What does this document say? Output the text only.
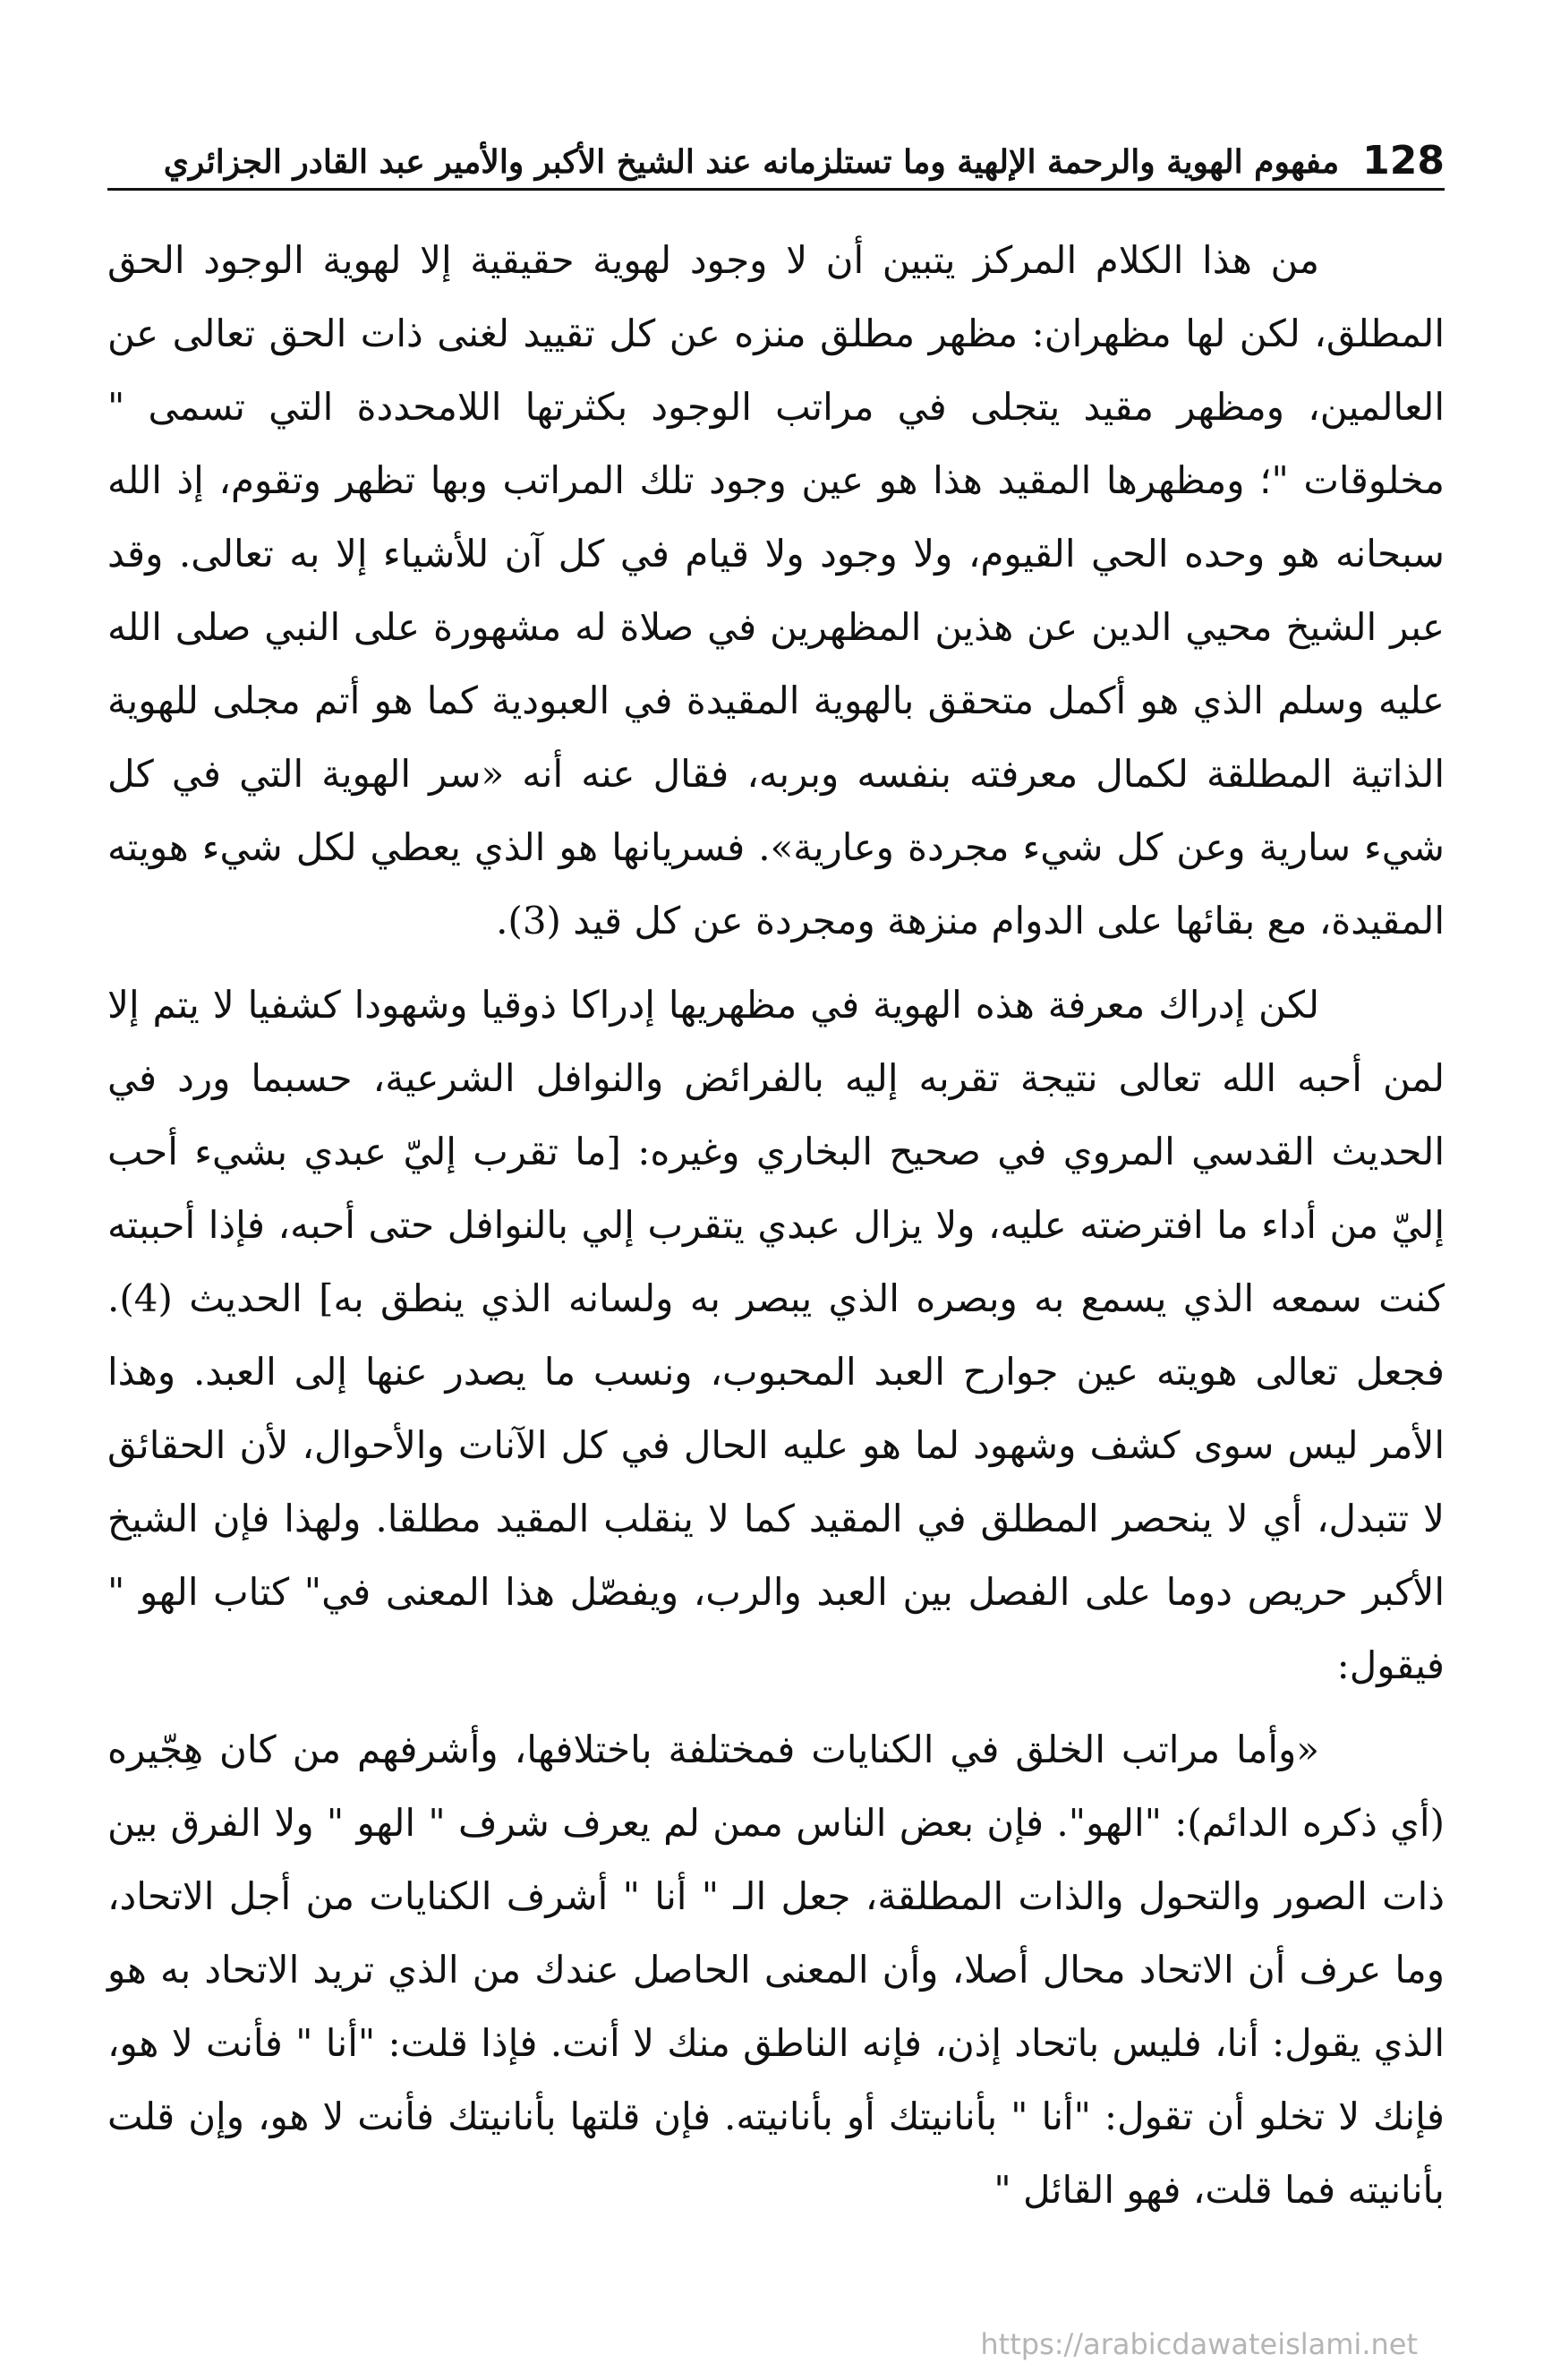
128
مفهوم الهوية والرحمة الإلهية وما تستلزمانه عند الشيخ الأكبر والأمير عبد القادر الجزائري

من هذا الكلام المركز يتبين أن لا وجود لهوية حقيقية إلا لهوية الوجود الحق المطلق، لكن لها مظهران: مظهر مطلق منزه عن كل تقييد لغنى ذات الحق تعالى عن العالمين، ومظهر مقيد يتجلى في مراتب الوجود بكثرتها اللامحددة التي تسمى " مخلوقات "؛ ومظهرها المقيد هذا هو عين وجود تلك المراتب وبها تظهر وتقوم، إذ الله سبحانه هو وحده الحي القيوم، ولا وجود ولا قيام في كل آن للأشياء إلا به تعالى. وقد عبر الشيخ محيي الدين عن هذين المظهرين في صلاة له مشهورة على النبي صلى الله عليه وسلم الذي هو أكمل متحقق بالهوية المقيدة في العبودية كما هو أتم مجلى للهوية الذاتية المطلقة لكمال معرفته بنفسه وبربه، فقال عنه أنه «سر الهوية التي في كل شيء سارية وعن كل شيء مجردة وعارية». فسريانها هو الذي يعطي لكل شيء هويته المقيدة، مع بقائها على الدوام منزهة ومجردة عن كل قيد (3).

لكن إدراك معرفة هذه الهوية في مظهريها إدراكا ذوقيا وشهودا كشفيا لا يتم إلا لمن أحبه الله تعالى نتيجة تقربه إليه بالفرائض والنوافل الشرعية، حسبما ورد في الحديث القدسي المروي في صحيح البخاري وغيره: [ما تقرب إليّ عبدي بشيء أحب إليّ من أداء ما افترضته عليه، ولا يزال عبدي يتقرب إلي بالنوافل حتى أحبه، فإذا أحببته كنت سمعه الذي يسمع به وبصره الذي يبصر به ولسانه الذي ينطق به] الحديث (4). فجعل تعالى هويته عين جوارح العبد المحبوب، ونسب ما يصدر عنها إلى العبد. وهذا الأمر ليس سوى كشف وشهود لما هو عليه الحال في كل الآنات والأحوال، لأن الحقائق لا تتبدل، أي لا ينحصر المطلق في المقيد كما لا ينقلب المقيد مطلقا. ولهذا فإن الشيخ الأكبر حريص دوما على الفصل بين العبد والرب، ويفصّل هذا المعنى في" كتاب الهو " فيقول:

«وأما مراتب الخلق في الكنايات فمختلفة باختلافها، وأشرفهم من كان هِجّيره (أي ذكره الدائم): "الهو". فإن بعض الناس ممن لم يعرف شرف " الهو " ولا الفرق بين ذات الصور والتحول والذات المطلقة، جعل الـ " أنا " أشرف الكنايات من أجل الاتحاد، وما عرف أن الاتحاد محال أصلا، وأن المعنى الحاصل عندك من الذي تريد الاتحاد به هو الذي يقول: أنا، فليس باتحاد إذن، فإنه الناطق منك لا أنت. فإذا قلت: "أنا " فأنت لا هو، فإنك لا تخلو أن تقول: "أنا " بأنانيتك أو بأنانيته. فإن قلتها بأنانيتك فأنت لا هو، وإن قلت بأنانيته فما قلت، فهو القائل "

https://arabicdawateislami.net
